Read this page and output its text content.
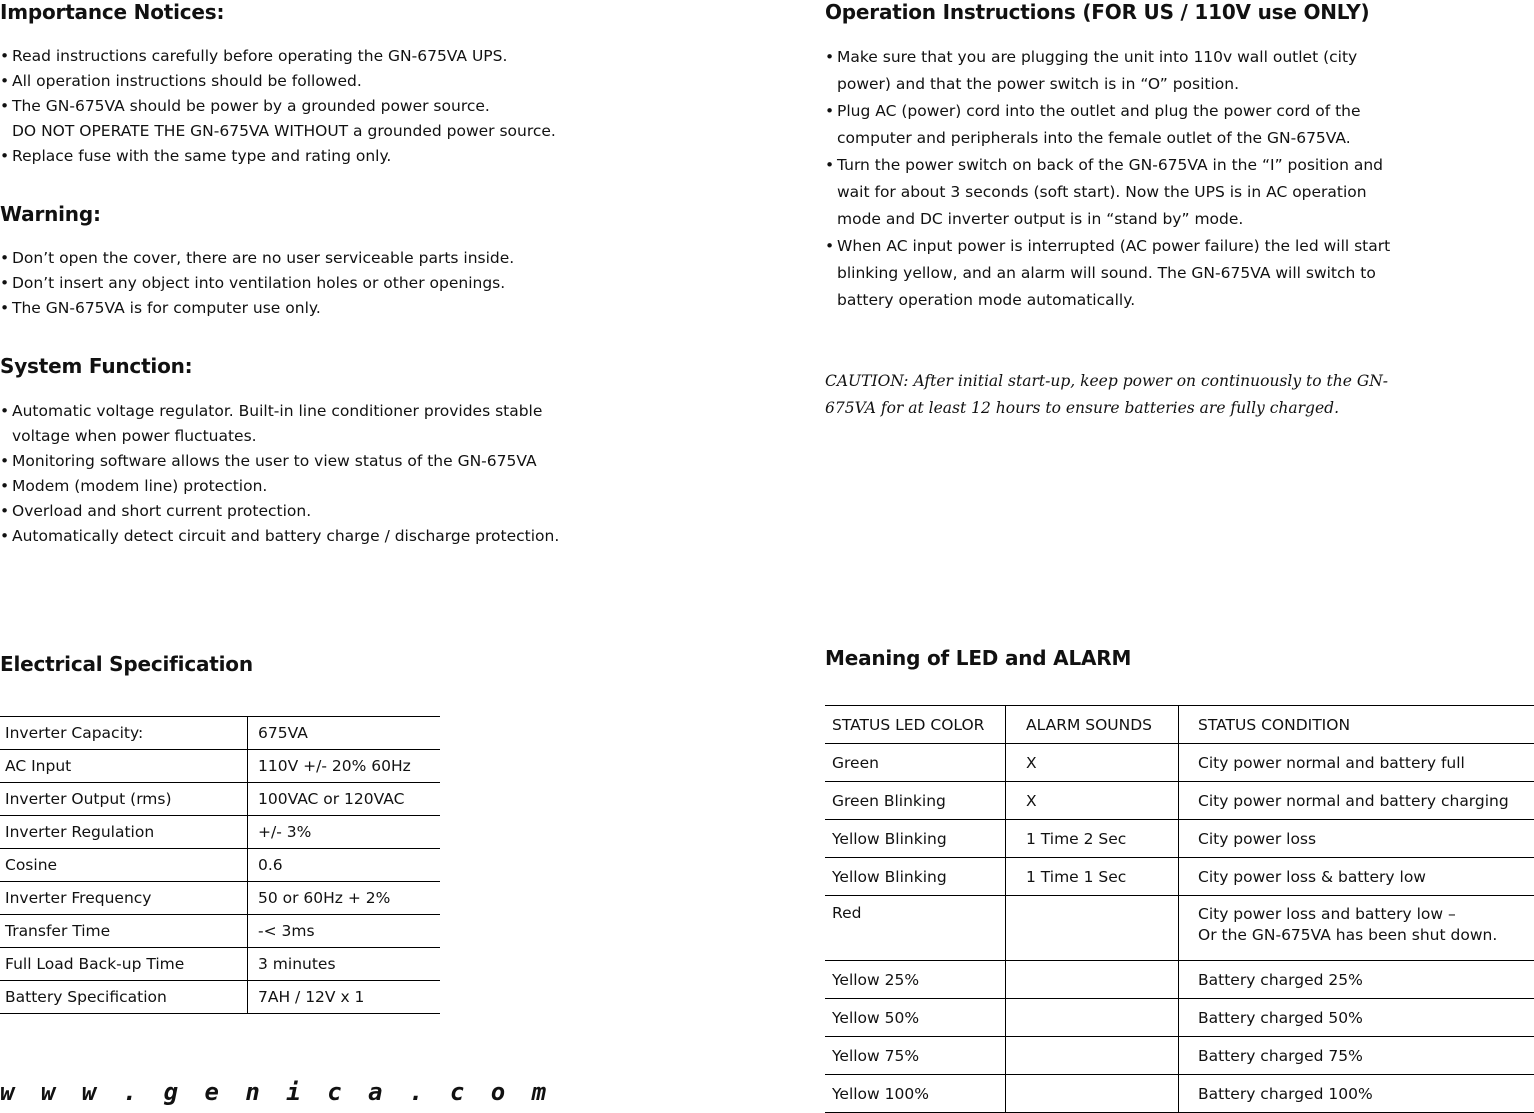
Importance Notices:
• Read instructions carefully before operating the GN-675VA UPS.
• All operation instructions should be followed.
• The GN-675VA should be power by a grounded power source.
DO NOT OPERATE THE GN-675VA WITHOUT a grounded power source.
• Replace fuse with the same type and rating only.
Warning:
• Don’t open the cover, there are no user serviceable parts inside.
• Don’t insert any object into ventilation holes or other openings.
• The GN-675VA is for computer use only.
System Function:
• Automatic voltage regulator. Built-in line conditioner provides stable voltage when power fluctuates.
• Monitoring software allows the user to view status of the GN-675VA
• Modem (modem line) protection.
• Overload and short current protection.
• Automatically detect circuit and battery charge / discharge protection.
Electrical Specification
Inverter Capacity:	675VA
AC Input	110V +/- 20% 60Hz
Inverter Output (rms)	100VAC or 120VAC
Inverter Regulation	+/- 3%
Cosine	0.6
Inverter Frequency	50 or 60Hz + 2%
Transfer Time	-< 3ms
Full Load Back-up Time	3 minutes
Battery Specification	7AH / 12V x 1

w w w . g e n i c a . c o m

Operation Instructions (FOR US / 110V use ONLY)
• Make sure that you are plugging the unit into 110v wall outlet (city power) and that the power switch is in “O” position.
• Plug AC (power) cord into the outlet and plug the power cord of the computer and peripherals into the female outlet of the GN-675VA.
• Turn the power switch on back of the GN-675VA in the “I” position and wait for about 3 seconds (soft start). Now the UPS is in AC operation mode and DC inverter output is in “stand by” mode.
• When AC input power is interrupted (AC power failure) the led will start blinking yellow, and an alarm will sound. The GN-675VA will switch to battery operation mode automatically.

CAUTION: After initial start-up, keep power on continuously to the GN-675VA for at least 12 hours to ensure batteries are fully charged.

Meaning of LED and ALARM
STATUS LED COLOR	ALARM SOUNDS	STATUS CONDITION
Green	X	City power normal and battery full
Green Blinking	X	City power normal and battery charging
Yellow Blinking	1 Time 2 Sec	City power loss
Yellow Blinking	1 Time 1 Sec	City power loss & battery low
Red		City power loss and battery low –
Or the GN-675VA has been shut down.

Yellow 25%		Battery charged 25%
Yellow 50%		Battery charged 50%
Yellow 75%		Battery charged 75%
Yellow 100%		Battery charged 100%
